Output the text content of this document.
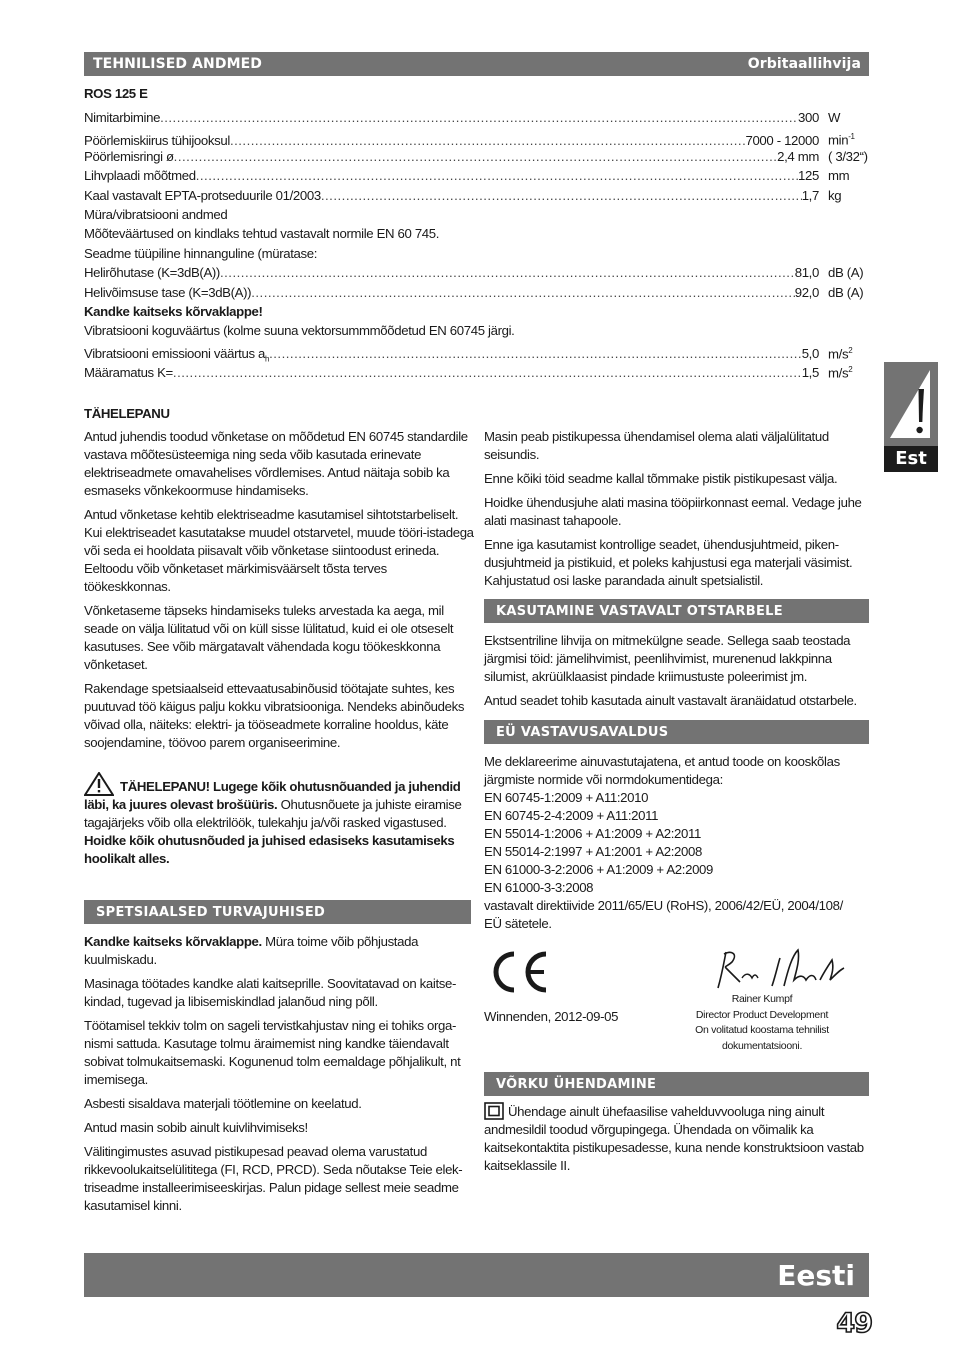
TEHNILISED ANDMED	Orbitaallihvija
ROS 125 E
Nimitarbimine .....	300 W
Pöörlemiskiirus tühijooksul .....	7000 - 12000 $\min^{-1}$
Pöörlemisringi ø .....	2,4 mm ( 3/32“)
Lihvplaadi mõõtmed .....	125 mm
Kaal vastavalt EPTA-protseduurile 01/2003 .....	1,7 kg
Müra/vibratsiooni andmed
Mõõteväärtused on kindlaks tehtud vastavalt normile EN 60 745.
Seadme tüüpiline hinnanguline (müratase:
Helirõhutase (K=3dB(A)) .....	81,0 dB (A)
Helivõimsuse tase (K=3dB(A)) .....	92,0 dB (A)
Kandke kaitseks kõrvaklappe!
Vibratsiooni koguväärtus (kolme suuna vektorsummmõõdetud EN 60745 järgi.
Vibratsiooni emissiooni väärtus $a_h$ .....	5,0 $m/s^2$
Määramatus K= .....	1,5 $m/s^2$
Est
TÄHELEPANU

Antud juhendis toodud võnketase on mõõdetud EN 60745 standardile vastava mõõtesüsteemiga ning seda võib kasutada erinevate elektriseadmete omavahelises võrdlemises. Antud näitaja sobib ka esmaseks võnkekoormuse hindamiseks.

Antud võnketase kehtib elektriseadme kasutamisel sihtotstarbeliselt. Kui elektriseadet kasutatakse muudel otstarvetel, muude tööri-istadega või seda ei hooldata piisavalt võib võnketase siintoodust erineda. Eeltoodu võib võnketaset märkimisväärselt tõsta terves töökeskkonnas.

Võnketaseme täpseks hindamiseks tuleks arvestada ka aega, mil seade on välja lülitatud või on küll sisse lülitatud, kuid ei ole otseselt kasutuses. See võib märgatavalt vähendada kogu töökeskkonna võnketaset.

Rakendage spetsiaalseid ettevaatusabinõusid töötajate suhtes, kes puutuvad töö käigus palju kokku vibratsiooniga. Nendeks abinõudeks võivad olla, näiteks: elektri- ja tööseadmete korraline hooldus, käte soojendamine, töövoo parem organiseerimine.

TÄHELEPANU! Lugege kõik ohutusnõuanded ja juhendid läbi, ka juures olevast brošüüris. Ohutusnõuete ja juhiste eiramise tagajärjeks võib olla elektrilöök, tulekahju ja/või rasked vigastused.
Hoidke kõik ohutusnõuded ja juhised edasiseks kasutamiseks hoolikalt alles.
SPETSIAALSED TURVAJUHISED

Kandke kaitseks kõrvaklappe. Müra toime võib põhjustada kuulmiskadu.

Masinaga töötades kandke alati kaitseprille. Soovitatavad on kaitse-kindad, tugevad ja libisemiskindlad jalanõud ning põll.

Töötamisel tekkiv tolm on sageli tervistkahjustav ning ei tohiks orga-nismi sattuda. Kasutage tolmu äraimemist ning kandke täiendavalt sobivat tolmukaitsemaski. Kogunenud tolm eemaldage põhjalikult, nt imemisega.

Asbesti sisaldava materjali töötlemine on keelatud.

Antud masin sobib ainult kuivlihvimiseks!

Välitingimustes asuvad pistikupesad peavad olema varustatud rikkevoolukaitselülititega (FI, RCD, PRCD). Seda nõutakse Teie elek-triseadme installeerimiseeskirjas. Palun pidage sellest meie seadme kasutamisel kinni.

Masin peab pistikupessa ühendamisel olema alati väljalülitatud seisundis.

Enne kõiki töid seadme kallal tõmmake pistik pistikupesast välja.

Hoidke ühendusjuhe alati masina tööpiirkonnast eemal. Vedage juhe alati masinast tahapoole.

Enne iga kasutamist kontrollige seadet, ühendusjuhtmeid, piken-dusjuhtmeid ja pistikuid, et poleks kahjustusi ega materjali väsimist. Kahjustatud osi laske parandada ainult spetsialistil.

KASUTAMINE VASTAVALT OTSTARBELE

Ekstsentriline lihvija on mitmekülgne seade. Sellega saab teostada järgmisi töid: jämelihvimist, peenlihvimist, murenenud lakkpinna silumist, akrüülklaasist pindade kriimustuste poleerimist jm.

Antud seadet tohib kasutada ainult vastavalt äranäidatud otstarbele.

EÜ VASTAVUSAVALDUS
Me deklareerime ainuvastutajatena, et antud toode on kooskõlas
järgmiste normide või normdokumentidega:
EN 60745-1:2009 + A11:2010
EN 60745-2-4:2009 + A11:2011
EN 55014-1:2006 + A1:2009 + A2:2011
EN 55014-2:1997 + A1:2001 + A2:2008
EN 61000-3-2:2006 + A1:2009 + A2:2009
EN 61000-3-3:2008
vastavalt direktiivide 2011/65/EU (RoHS), 2006/42/EÜ, 2004/108/
EÜ sätetele.
Winnenden, 2012-09-05
Rainer Kumpf
Director Product Development
On volitatud koostama tehnilist dokumentatsiooni.
VÕRKU ÜHENDAMINE
Ühendage ainult ühefaasilise vahelduvvooluga ning ainult andmesildil toodud võrgupingega. Ühendada on võimalik ka kaitsekontaktita pistikupesadesse, kuna nende konstruktsioon vastab kaitseklassile II.
Eesti
49
